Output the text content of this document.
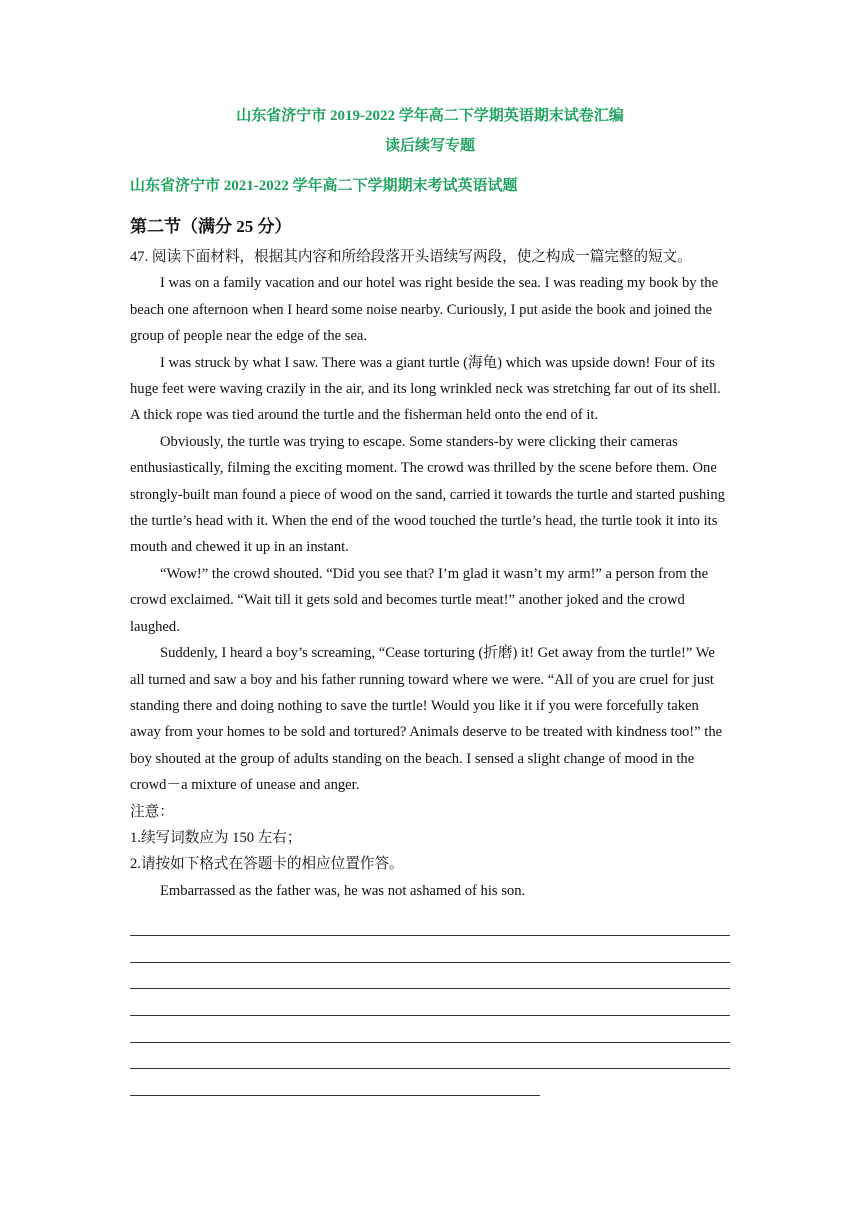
山东省济宁市 2019-2022 学年高二下学期英语期末试卷汇编
读后续写专题
山东省济宁市 2021-2022 学年高二下学期期末考试英语试题
第二节（满分 25 分）

47. 阅读下面材料，根据其内容和所给段落开头语续写两段，使之构成一篇完整的短文。

I was on a family vacation and our hotel was right beside the sea. I was reading my book by the beach one afternoon when I heard some noise nearby. Curiously, I put aside the book and joined the group of people near the edge of the sea.

I was struck by what I saw. There was a giant turtle (海龟) which was upside down! Four of its huge feet were waving crazily in the air, and its long wrinkled neck was stretching far out of its shell. A thick rope was tied around the turtle and the fisherman held onto the end of it.

Obviously, the turtle was trying to escape. Some standers-by were clicking their cameras enthusiastically, filming the exciting moment. The crowd was thrilled by the scene before them. One strongly-built man found a piece of wood on the sand, carried it towards the turtle and started pushing the turtle’s head with it. When the end of the wood touched the turtle’s head, the turtle took it into its mouth and chewed it up in an instant.

“Wow!” the crowd shouted. “Did you see that? I’m glad it wasn’t my arm!” a person from the crowd exclaimed. “Wait till it gets sold and becomes turtle meat!” another joked and the crowd laughed.

Suddenly, I heard a boy’s screaming, “Cease torturing (折磨) it! Get away from the turtle!” We all turned and saw a boy and his father running toward where we were. “All of you are cruel for just standing there and doing nothing to save the turtle! Would you like it if you were forcefully taken away from your homes to be sold and tortured? Animals deserve to be treated with kindness too!” the boy shouted at the group of adults standing on the beach. I sensed a slight change of mood in the crowd－a mixture of unease and anger.

注意：

1.续写词数应为 150 左右；

2.请按如下格式在答题卡的相应位置作答。

Embarrassed as the father was, he was not ashamed of his son.
